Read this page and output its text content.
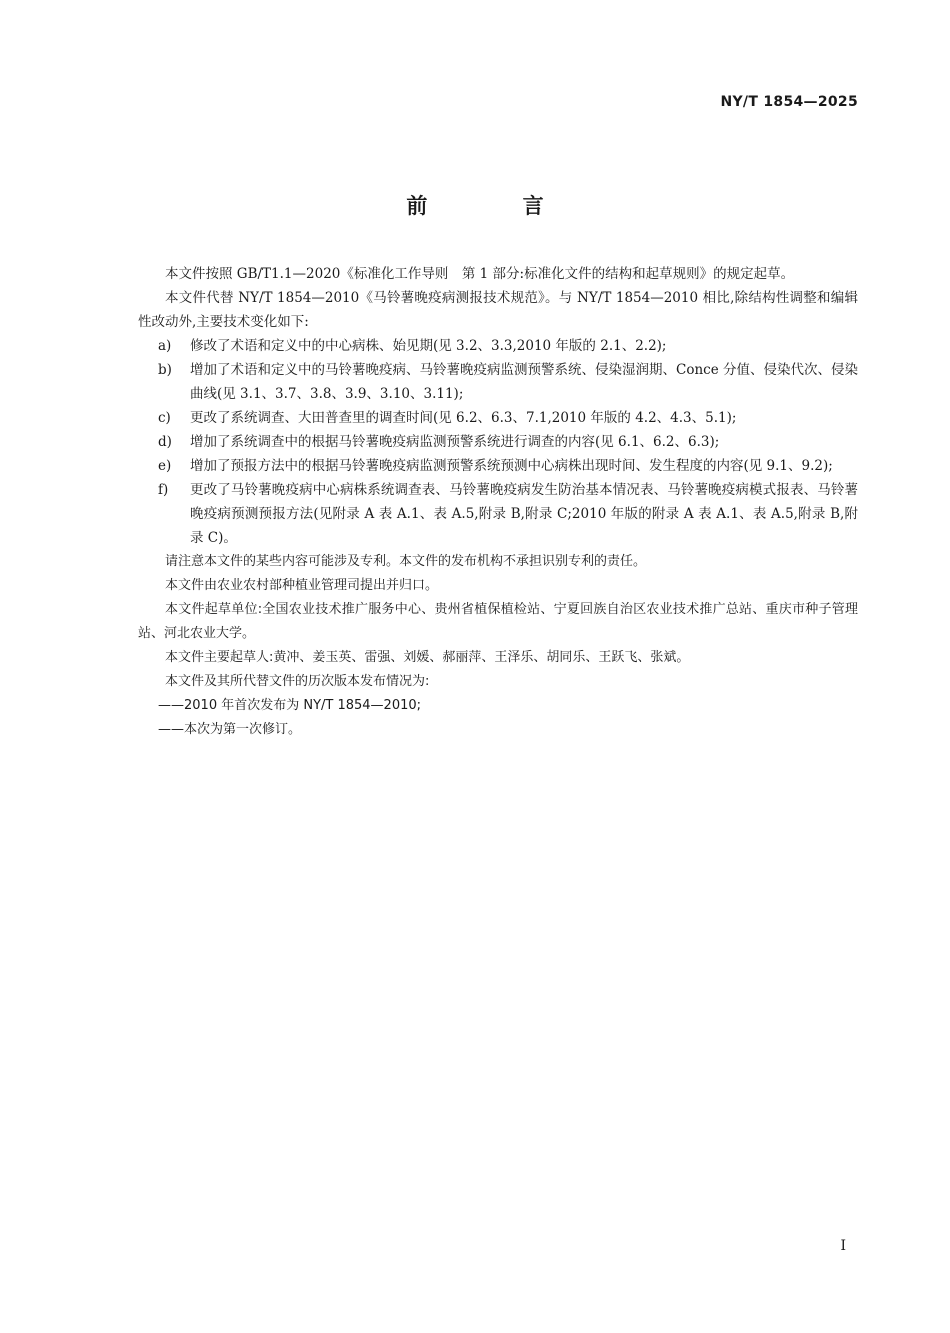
NY/T 1854—2025
前 言

本文件按照 GB/T1.1—2020《标准化工作导则　第 1 部分:标准化文件的结构和起草规则》的规定起草。

本文件代替 NY/T 1854—2010《马铃薯晚疫病测报技术规范》。与 NY/T 1854—2010 相比,除结构性调整和编辑性改动外,主要技术变化如下:

a) 修改了术语和定义中的中心病株、始见期(见 3.2、3.3,2010 年版的 2.1、2.2);

b) 增加了术语和定义中的马铃薯晚疫病、马铃薯晚疫病监测预警系统、侵染湿润期、Conce 分值、侵染代次、侵染曲线(见 3.1、3.7、3.8、3.9、3.10、3.11);

c) 更改了系统调查、大田普查里的调查时间(见 6.2、6.3、7.1,2010 年版的 4.2、4.3、5.1);

d) 增加了系统调查中的根据马铃薯晚疫病监测预警系统进行调查的内容(见 6.1、6.2、6.3);

e) 增加了预报方法中的根据马铃薯晚疫病监测预警系统预测中心病株出现时间、发生程度的内容(见 9.1、9.2);

f) 更改了马铃薯晚疫病中心病株系统调查表、马铃薯晚疫病发生防治基本情况表、马铃薯晚疫病模式报表、马铃薯晚疫病预测预报方法(见附录 A 表 A.1、表 A.5,附录 B,附录 C;2010 年版的附录 A 表 A.1、表 A.5,附录 B,附录 C)。

请注意本文件的某些内容可能涉及专利。本文件的发布机构不承担识别专利的责任。

本文件由农业农村部种植业管理司提出并归口。

本文件起草单位:全国农业技术推广服务中心、贵州省植保植检站、宁夏回族自治区农业技术推广总站、重庆市种子管理站、河北农业大学。

本文件主要起草人:黄冲、姜玉英、雷强、刘媛、郝丽萍、王泽乐、胡同乐、王跃飞、张斌。

本文件及其所代替文件的历次版本发布情况为:

——2010 年首次发布为 NY/T 1854—2010;

——本次为第一次修订。

I
